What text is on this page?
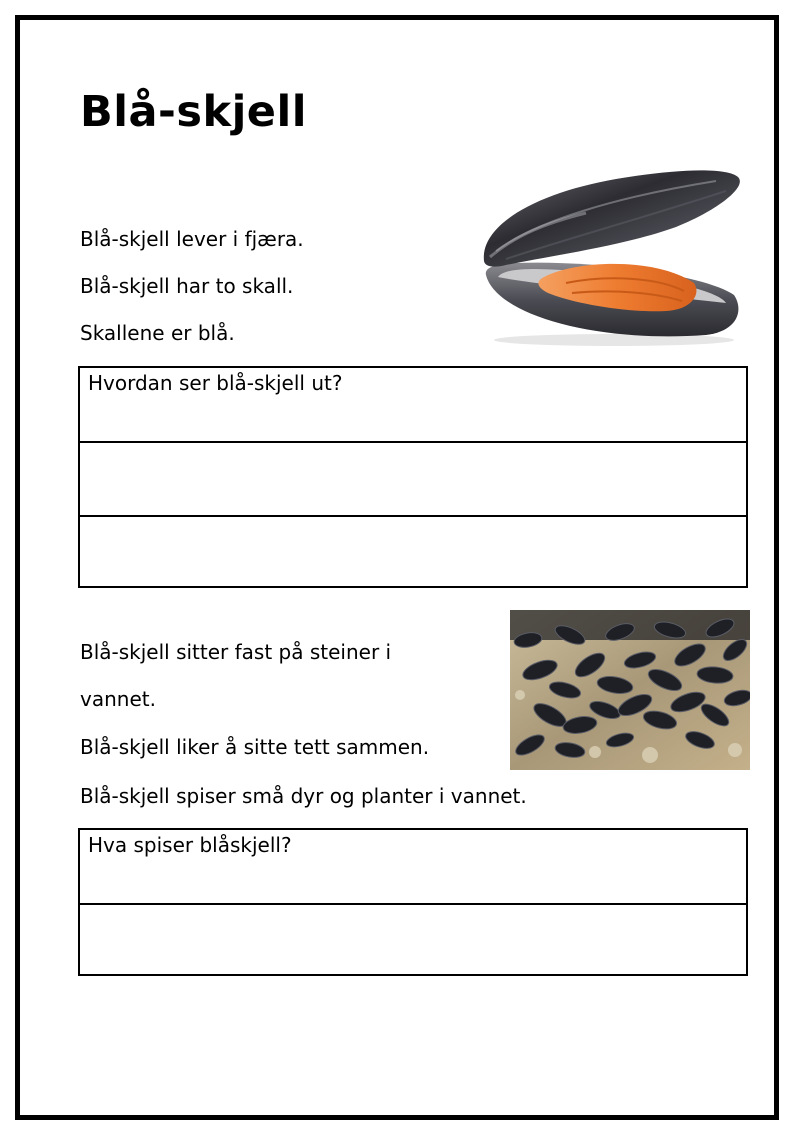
Blå-skjell
Blå-skjell lever i fjæra.
Blå-skjell har to skall.
Skallene er blå.
Hvordan ser blå-skjell ut?
Blå-skjell sitter fast på steiner i
vannet.
Blå-skjell liker å sitte tett sammen.
Blå-skjell spiser små dyr og planter i vannet.
Hva spiser blåskjell?
